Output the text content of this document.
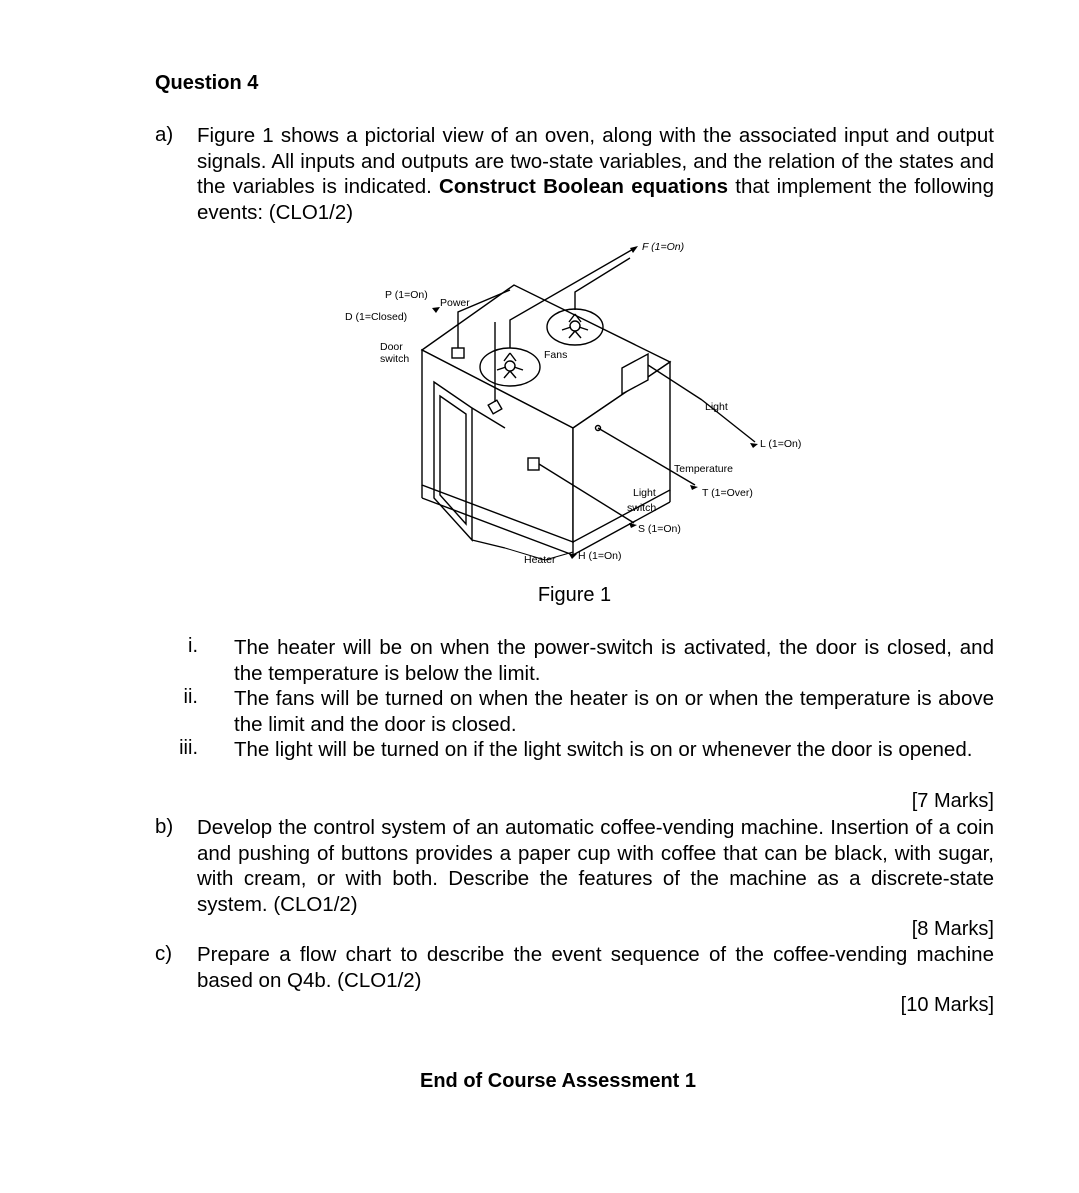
Question 4
a) Figure 1 shows a pictorial view of an oven, along with the associated input and output signals. All inputs and outputs are two-state variables, and the relation of the states and the variables is indicated. Construct Boolean equations that implement the following events: (CLO1/2)
F (1=On)
P (1=On)
Power
D (1=Closed)
Door
switch	Fans
Light
L (1=On)
Temperature
T (1=Over)
Light
switch
S (1=On)
Heater H (1=On)
Figure 1
i. The heater will be on when the power-switch is activated, the door is closed, and the temperature is below the limit.
ii. The fans will be turned on when the heater is on or when the temperature is above the limit and the door is closed.
iii. The light will be turned on if the light switch is on or whenever the door is opened.
[7 Marks]
b) Develop the control system of an automatic coffee-vending machine. Insertion of a coin and pushing of buttons provides a paper cup with coffee that can be black, with sugar, with cream, or with both. Describe the features of the machine as a discrete-state system. (CLO1/2)
[8 Marks]
c) Prepare a flow chart to describe the event sequence of the coffee-vending machine based on Q4b. (CLO1/2)
[10 Marks]
End of Course Assessment 1
